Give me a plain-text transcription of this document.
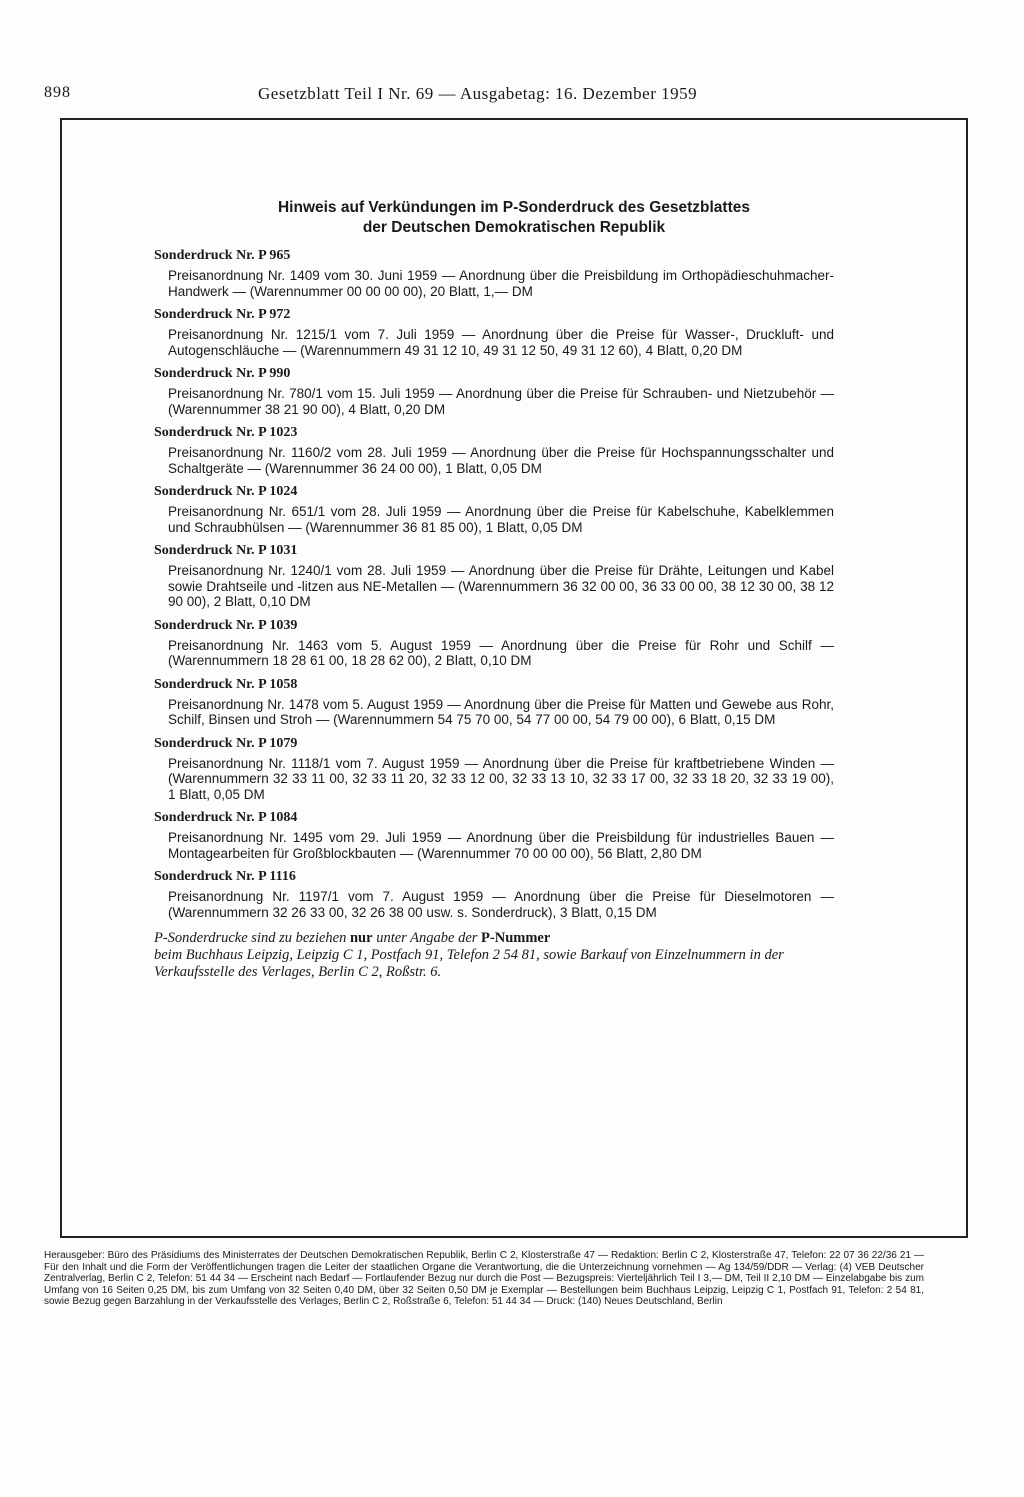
898	Gesetzblatt Teil I Nr. 69 — Ausgabetag: 16. Dezember 1959
Hinweis auf Verkündungen im P-Sonderdruck des Gesetzblattes
der Deutschen Demokratischen Republik
Sonderdruck Nr. P 965
Preisanordnung Nr. 1409 vom 30. Juni 1959 — Anordnung über die Preisbildung im Orthopädieschuhmacher-Handwerk — (Warennummer 00 00 00 00), 20 Blatt, 1,— DM
Sonderdruck Nr. P 972
Preisanordnung Nr. 1215/1 vom 7. Juli 1959 — Anordnung über die Preise für Wasser-, Druckluft- und Autogenschläuche — (Warennummern 49 31 12 10, 49 31 12 50, 49 31 12 60), 4 Blatt, 0,20 DM
Sonderdruck Nr. P 990
Preisanordnung Nr. 780/1 vom 15. Juli 1959 — Anordnung über die Preise für Schrauben- und Nietzubehör — (Warennummer 38 21 90 00), 4 Blatt, 0,20 DM
Sonderdruck Nr. P 1023
Preisanordnung Nr. 1160/2 vom 28. Juli 1959 — Anordnung über die Preise für Hochspannungsschalter und Schaltgeräte — (Warennummer 36 24 00 00), 1 Blatt, 0,05 DM
Sonderdruck Nr. P 1024
Preisanordnung Nr. 651/1 vom 28. Juli 1959 — Anordnung über die Preise für Kabelschuhe, Kabelklemmen und Schraubhülsen — (Warennummer 36 81 85 00), 1 Blatt, 0,05 DM
Sonderdruck Nr. P 1031
Preisanordnung Nr. 1240/1 vom 28. Juli 1959 — Anordnung über die Preise für Drähte, Leitungen und Kabel sowie Drahtseile und -litzen aus NE-Metallen — (Warennummern 36 32 00 00, 36 33 00 00, 38 12 30 00, 38 12 90 00), 2 Blatt, 0,10 DM
Sonderdruck Nr. P 1039
Preisanordnung Nr. 1463 vom 5. August 1959 — Anordnung über die Preise für Rohr und Schilf — (Warennummern 18 28 61 00, 18 28 62 00), 2 Blatt, 0,10 DM
Sonderdruck Nr. P 1058
Preisanordnung Nr. 1478 vom 5. August 1959 — Anordnung über die Preise für Matten und Gewebe aus Rohr, Schilf, Binsen und Stroh — (Warennummern 54 75 70 00, 54 77 00 00, 54 79 00 00), 6 Blatt, 0,15 DM
Sonderdruck Nr. P 1079
Preisanordnung Nr. 1118/1 vom 7. August 1959 — Anordnung über die Preise für kraftbetriebene Winden — (Warennummern 32 33 11 00, 32 33 11 20, 32 33 12 00, 32 33 13 10, 32 33 17 00, 32 33 18 20, 32 33 19 00), 1 Blatt, 0,05 DM
Sonderdruck Nr. P 1084
Preisanordnung Nr. 1495 vom 29. Juli 1959 — Anordnung über die Preisbildung für industrielles Bauen — Montagearbeiten für Großblockbauten — (Warennummer 70 00 00 00), 56 Blatt, 2,80 DM
Sonderdruck Nr. P 1116
Preisanordnung Nr. 1197/1 vom 7. August 1959 — Anordnung über die Preise für Dieselmotoren — (Warennummern 32 26 33 00, 32 26 38 00 usw. s. Sonderdruck), 3 Blatt, 0,15 DM
P-Sonderdrucke sind zu beziehen nur unter Angabe der P-Nummer
beim Buchhaus Leipzig, Leipzig C 1, Postfach 91, Telefon 2 54 81, sowie Barkauf von Einzelnummern in der Verkaufsstelle des Verlages, Berlin C 2, Roßstr. 6.
Herausgeber: Büro des Präsidiums des Ministerrates der Deutschen Demokratischen Republik, Berlin C 2, Klosterstraße 47 — Redaktion: Berlin C 2, Klosterstraße 47, Telefon: 22 07 36 22/36 21 — Für den Inhalt und die Form der Veröffentlichungen tragen die Leiter der staatlichen Organe die Verantwortung, die die Unterzeichnung vornehmen — Ag 134/59/DDR — Verlag: (4) VEB Deutscher Zentralverlag, Berlin C 2, Telefon: 51 44 34 — Erscheint nach Bedarf — Fortlaufender Bezug nur durch die Post — Bezugspreis: Vierteljährlich Teil I 3,— DM, Teil II 2,10 DM — Einzelabgabe bis zum Umfang von 16 Seiten 0,25 DM, bis zum Umfang von 32 Seiten 0,40 DM, über 32 Seiten 0,50 DM je Exemplar — Bestellungen beim Buchhaus Leipzig, Leipzig C 1, Postfach 91, Telefon: 2 54 81, sowie Bezug gegen Barzahlung in der Verkaufsstelle des Verlages, Berlin C 2, Roßstraße 6, Telefon: 51 44 34 — Druck: (140) Neues Deutschland, Berlin
